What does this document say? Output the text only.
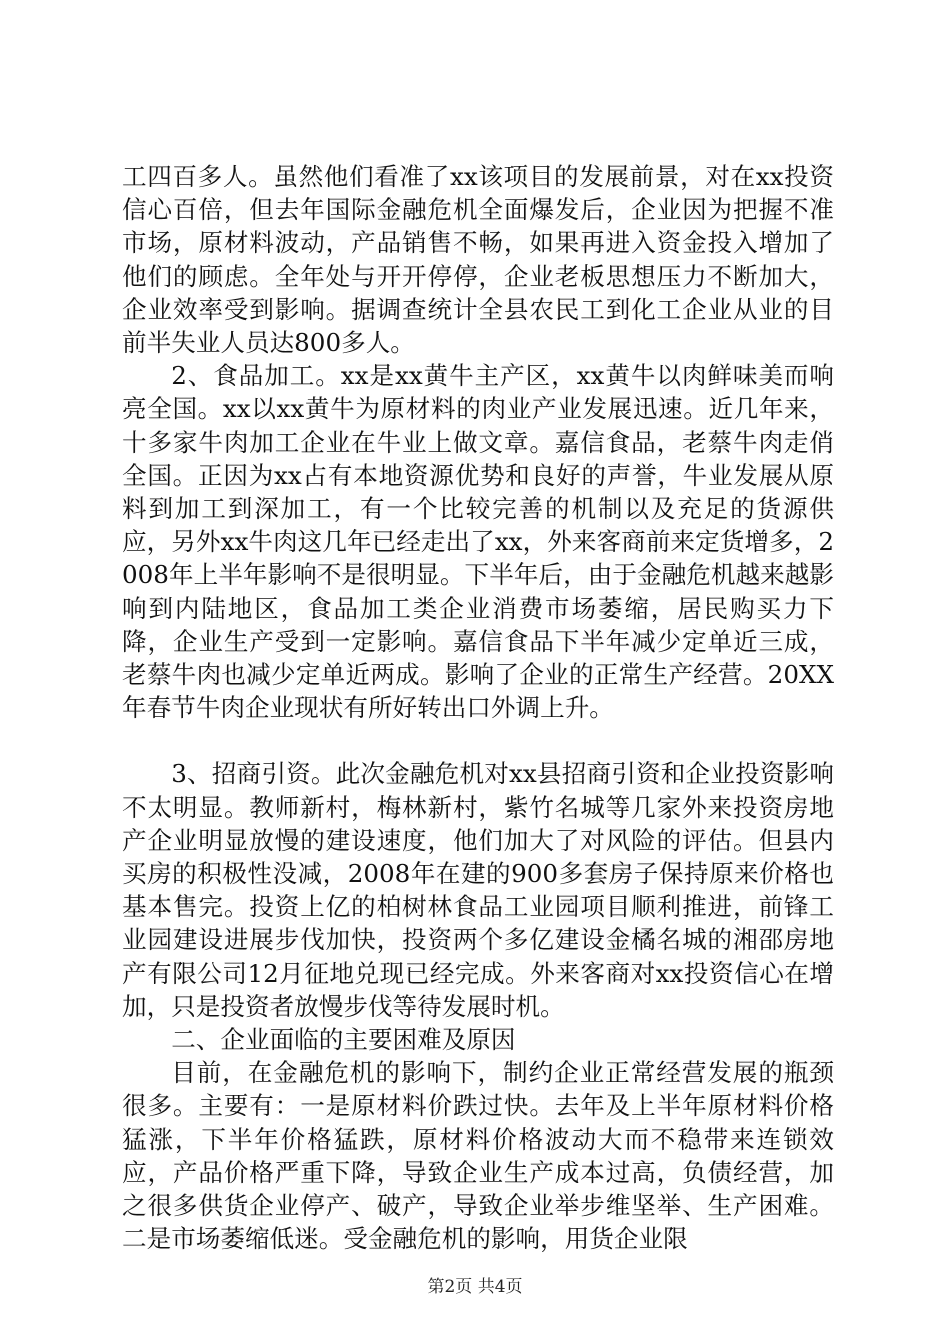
工四百多人。虽然他们看准了xx该项目的发展前景，对在xx投资信心百倍，但去年国际金融危机全面爆发后，企业因为把握不准市场，原材料波动，产品销售不畅，如果再进入资金投入增加了他们的顾虑。全年处与开开停停，企业老板思想压力不断加大，企业效率受到影响。据调查统计全县农民工到化工企业从业的目前半失业人员达800多人。

2、食品加工。xx是xx黄牛主产区，xx黄牛以肉鲜味美而响亮全国。xx以xx黄牛为原材料的肉业产业发展迅速。近几年来，十多家牛肉加工企业在牛业上做文章。嘉信食品，老蔡牛肉走俏全国。正因为xx占有本地资源优势和良好的声誉，牛业发展从原料到加工到深加工，有一个比较完善的机制以及充足的货源供应，另外xx牛肉这几年已经走出了xx，外来客商前来定货增多，2008年上半年影响不是很明显。下半年后，由于金融危机越来越影响到内陆地区，食品加工类企业消费市场萎缩，居民购买力下降，企业生产受到一定影响。嘉信食品下半年减少定单近三成，老蔡牛肉也减少定单近两成。影响了企业的正常生产经营。20XX年春节牛肉企业现状有所好转出口外调上升。

3、招商引资。此次金融危机对xx县招商引资和企业投资影响不太明显。教师新村，梅林新村，紫竹名城等几家外来投资房地产企业明显放慢的建设速度，他们加大了对风险的评估。但县内买房的积极性没减，2008年在建的900多套房子保持原来价格也基本售完。投资上亿的柏树林食品工业园项目顺利推进，前锋工业园建设进展步伐加快，投资两个多亿建设金橘名城的湘邵房地产有限公司12月征地兑现已经完成。外来客商对xx投资信心在增加，只是投资者放慢步伐等待发展时机。

二、企业面临的主要困难及原因

目前，在金融危机的影响下，制约企业正常经营发展的瓶颈很多。主要有：一是原材料价跌过快。去年及上半年原材料价格猛涨，下半年价格猛跌，原材料价格波动大而不稳带来连锁效应，产品价格严重下降，导致企业生产成本过高，负债经营，加之很多供货企业停产、破产，导致企业举步维坚举、生产困难。二是市场萎缩低迷。受金融危机的影响，用货企业限

第2页 共4页
